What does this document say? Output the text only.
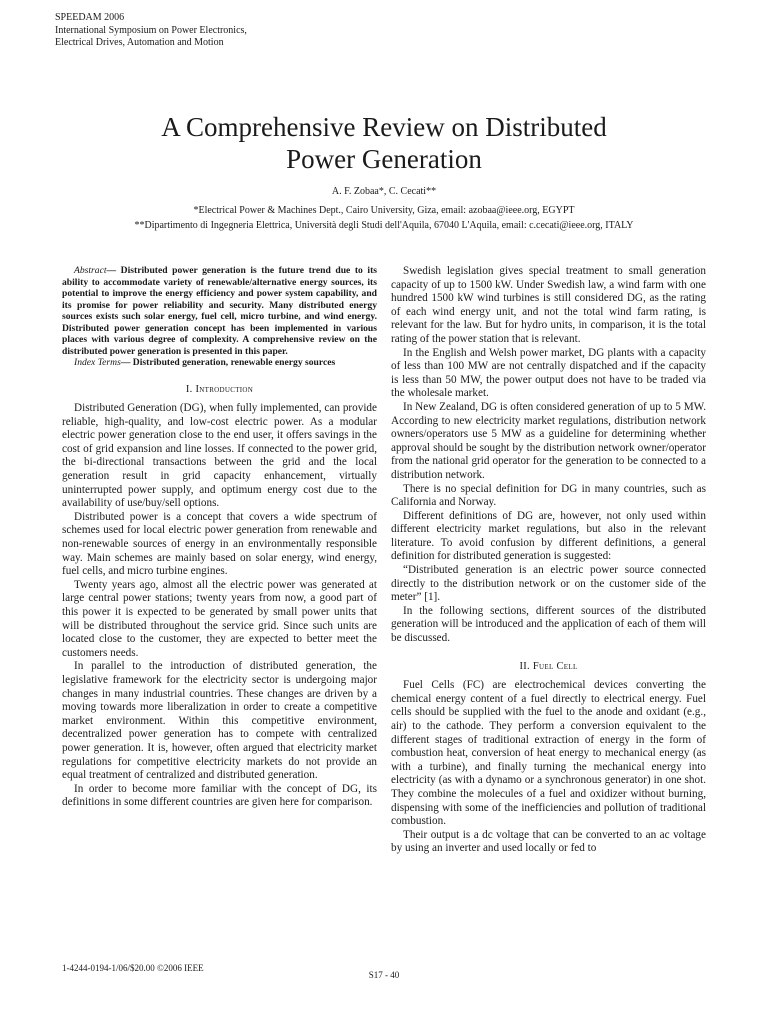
SPEEDAM 2006
International Symposium on Power Electronics,
Electrical Drives, Automation and Motion
A Comprehensive Review on Distributed
Power Generation
A. F. Zobaa*, C. Cecati**
*Electrical Power & Machines Dept., Cairo University, Giza, email: azobaa@ieee.org, EGYPT
**Dipartimento di Ingegneria Elettrica, Università degli Studi dell'Aquila, 67040 L'Aquila, email: c.cecati@ieee.org, ITALY

Abstract— Distributed power generation is the future trend due to its ability to accommodate variety of renewable/alternative energy sources, its potential to improve the energy efficiency and power system capability, and its promise for power reliability and security. Many distributed energy sources exists such solar energy, fuel cell, micro turbine, and wind energy. Distributed power generation concept has been implemented in various places with various degree of complexity. A comprehensive review on the distributed power generation is presented in this paper.

Index Terms— Distributed generation, renewable energy sources

I. Introduction

Distributed Generation (DG), when fully implemented, can provide reliable, high-quality, and low-cost electric power. As a modular electric power generation close to the end user, it offers savings in the cost of grid expansion and line losses. If connected to the power grid, the bi-directional transactions between the grid and the local generation result in grid capacity enhancement, virtually uninterrupted power supply, and optimum energy cost due to the availability of use/buy/sell options.

Distributed power is a concept that covers a wide spectrum of schemes used for local electric power generation from renewable and non-renewable sources of energy in an environmentally responsible way. Main schemes are mainly based on solar energy, wind energy, fuel cells, and micro turbine engines.

Twenty years ago, almost all the electric power was generated at large central power stations; twenty years from now, a good part of this power it is expected to be generated by small power units that will be distributed throughout the service grid. Since such units are located close to the customer, they are expected to better meet the customers needs.

In parallel to the introduction of distributed generation, the legislative framework for the electricity sector is undergoing major changes in many industrial countries. These changes are driven by a moving towards more liberalization in order to create a competitive market environment. Within this competitive environment, decentralized power generation has to compete with centralized power generation. It is, however, often argued that electricity market regulations for competitive electricity markets do not provide an equal treatment of centralized and distributed generation.

In order to become more familiar with the concept of DG, its definitions in some different countries are given here for comparison.

Swedish legislation gives special treatment to small generation capacity of up to 1500 kW. Under Swedish law, a wind farm with one hundred 1500 kW wind turbines is still considered DG, as the rating of each wind energy unit, and not the total wind farm rating, is relevant for the law. But for hydro units, in comparison, it is the total rating of the power station that is relevant.

In the English and Welsh power market, DG plants with a capacity of less than 100 MW are not centrally dispatched and if the capacity is less than 50 MW, the power output does not have to be traded via the wholesale market.

In New Zealand, DG is often considered generation of up to 5 MW. According to new electricity market regulations, distribution network owners/operators use 5 MW as a guideline for determining whether approval should be sought by the distribution network owner/operator from the national grid operator for the generation to be connected to a distribution network.

There is no special definition for DG in many countries, such as California and Norway.

Different definitions of DG are, however, not only used within different electricity market regulations, but also in the relevant literature. To avoid confusion by different definitions, a general definition for distributed generation is suggested:

“Distributed generation is an electric power source connected directly to the distribution network or on the customer side of the meter” [1].

In the following sections, different sources of the distributed generation will be introduced and the application of each of them will be discussed.

II. Fuel Cell

Fuel Cells (FC) are electrochemical devices converting the chemical energy content of a fuel directly to electrical energy. Fuel cells should be supplied with the fuel to the anode and oxidant (e.g., air) to the cathode. They perform a conversion equivalent to the different stages of traditional extraction of energy in the form of combustion heat, conversion of heat energy to mechanical energy (as with a turbine), and finally turning the mechanical energy into electricity (as with a dynamo or a synchronous generator) in one shot. They combine the molecules of a fuel and oxidizer without burning, dispensing with some of the inefficiencies and pollution of traditional combustion.

Their output is a dc voltage that can be converted to an ac voltage by using an inverter and used locally or fed to

1-4244-0194-1/06/$20.00 ©2006 IEEE
S17 - 40
